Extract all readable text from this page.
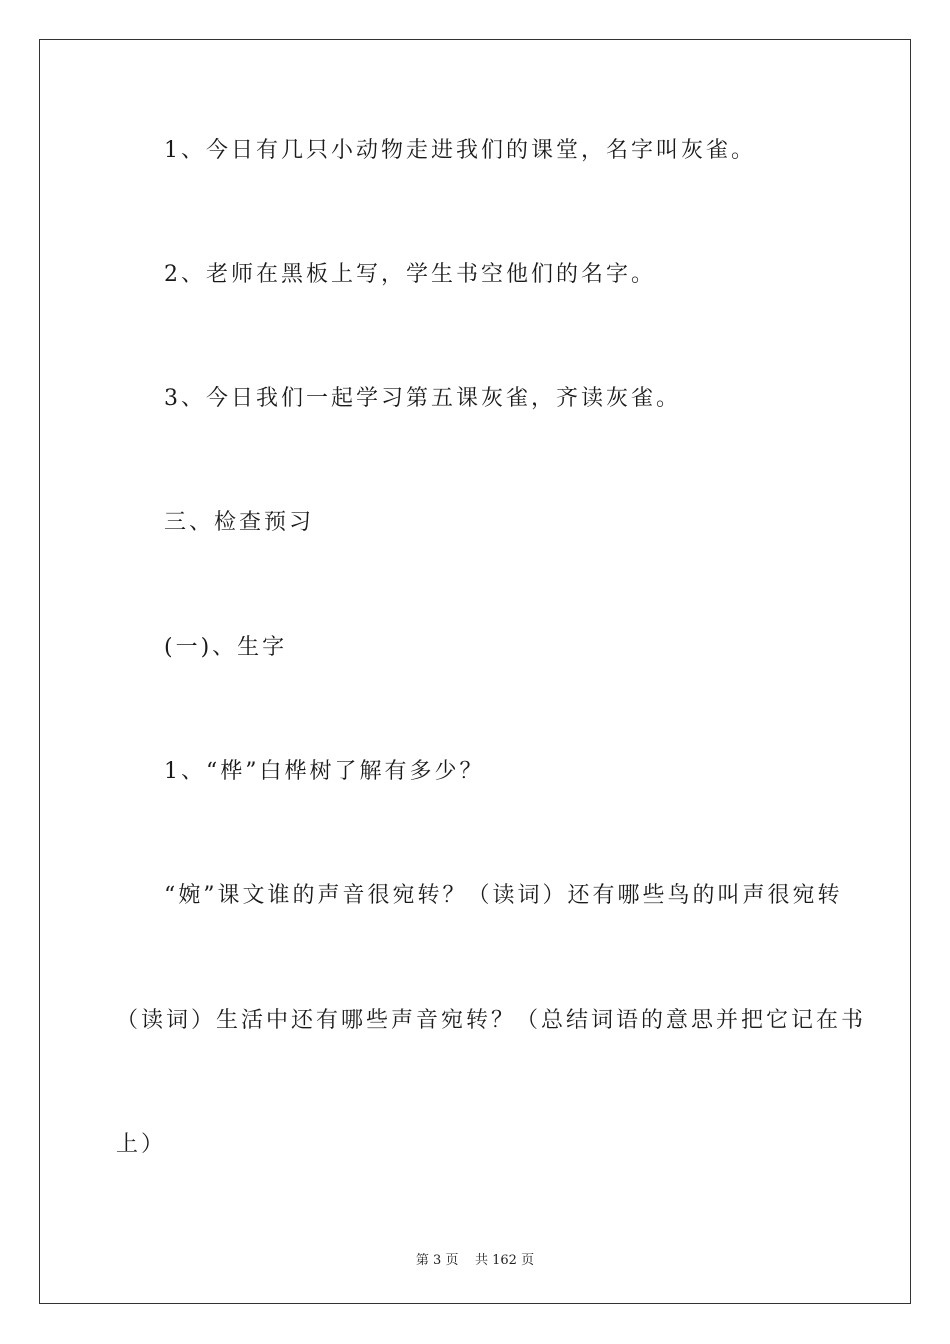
1、今日有几只小动物走进我们的课堂，名字叫灰雀。
2、老师在黑板上写，学生书空他们的名字。
3、今日我们一起学习第五课灰雀，齐读灰雀。
三、检查预习
(一)、生字
1、“桦”白桦树了解有多少？
“婉”课文谁的声音很宛转？（读词）还有哪些鸟的叫声很宛转
（读词）生活中还有哪些声音宛转？（总结词语的意思并把它记在书
上）
第 3 页    共 162 页
